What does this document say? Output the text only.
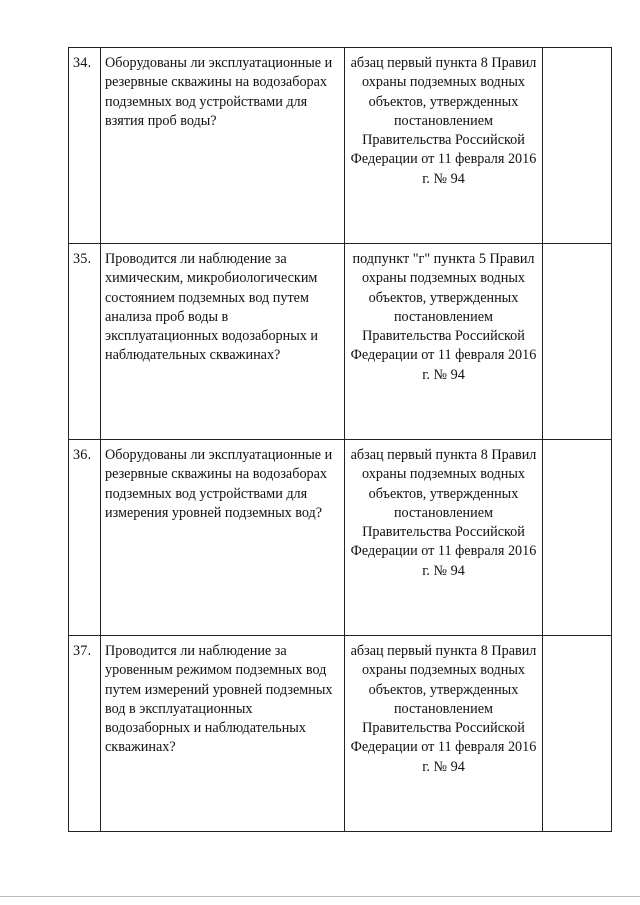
34.	Оборудованы ли эксплуатационные и резервные скважины на водозаборах подземных вод устройствами для взятия проб воды?	абзац первый пункта 8 Правил охраны подземных водных объектов, утвержденных постановлением Правительства Российской Федерации от 11 февраля 2016 г. № 94	
35.	Проводится ли наблюдение за химическим, микробиологическим состоянием подземных вод путем анализа проб воды в эксплуатационных водозаборных и наблюдательных скважинах?	подпункт "г" пункта 5 Правил охраны подземных водных объектов, утвержденных постановлением Правительства Российской Федерации от 11 февраля 2016 г. № 94	
36.	Оборудованы ли эксплуатационные и резервные скважины на водозаборах подземных вод устройствами для измерения уровней подземных вод?	абзац первый пункта 8 Правил охраны подземных водных объектов, утвержденных постановлением Правительства Российской Федерации от 11 февраля 2016 г. № 94	
37.	Проводится ли наблюдение за уровенным режимом подземных вод путем измерений уровней подземных вод в эксплуатационных водозаборных и наблюдательных скважинах?	абзац первый пункта 8 Правил охраны подземных водных объектов, утвержденных постановлением Правительства Российской Федерации от 11 февраля 2016 г. № 94	
